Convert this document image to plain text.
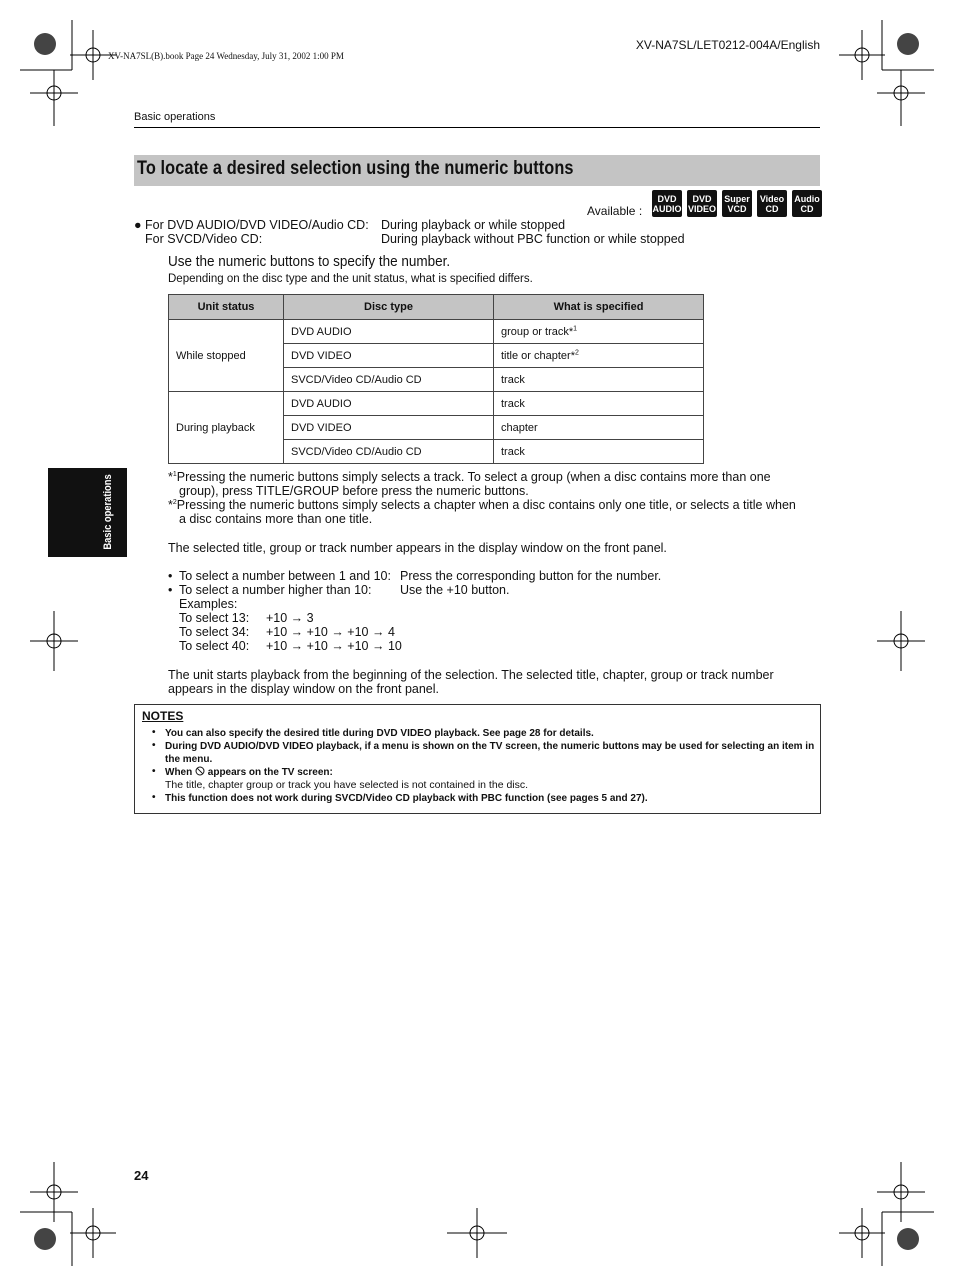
XV-NA7SL(B).book Page 24 Wednesday, July 31, 2002 1:00 PM
XV-NA7SL/LET0212-004A/English
Basic operations
To locate a desired selection using the numeric buttons
Available :
DVD
AUDIO
DVD
VIDEO
Super
VCD
Video
CD
Audio
CD
● For DVD AUDIO/DVD VIDEO/Audio CD: During playback or while stopped
For SVCD/Video CD:	During playback without PBC function or while stopped
Use the numeric buttons to specify the number.
Depending on the disc type and the unit status, what is specified differs.
Unit status	Disc type	What is specified
While stopped	DVD AUDIO	group or track*$^1$
	DVD VIDEO	title or chapter*$^2$
	SVCD/Video CD/Audio CD	track
During playback	DVD AUDIO	track
	DVD VIDEO	chapter
	SVCD/Video CD/Audio CD	track
*$^1$Pressing the numeric buttons simply selects a track. To select a group (when a disc contains more than one
group), press TITLE/GROUP before press the numeric buttons.
*$^2$Pressing the numeric buttons simply selects a chapter when a disc contains only one title, or selects a title when
a disc contains more than one title.
The selected title, group or track number appears in the display window on the front panel.
• To select a number between 1 and 10: Press the corresponding button for the number.
• To select a number higher than 10: Use the +10 button.
Examples:
To select 13: +10 → 3
To select 34: +10 → +10 → +10 → 4
To select 40: +10 → +10 → +10 → 10
The unit starts playback from the beginning of the selection. The selected title, chapter, group or track number
appears in the display window on the front panel.
Basic operations
NOTES
• You can also specify the desired title during DVD VIDEO playback. See page 28 for details.
• During DVD AUDIO/DVD VIDEO playback, if a menu is shown on the TV screen, the numeric buttons may be used for selecting an item in the menu.
• When appears on the TV screen:
The title, chapter group or track you have selected is not contained in the disc.
• This function does not work during SVCD/Video CD playback with PBC function (see pages 5 and 27).
24
